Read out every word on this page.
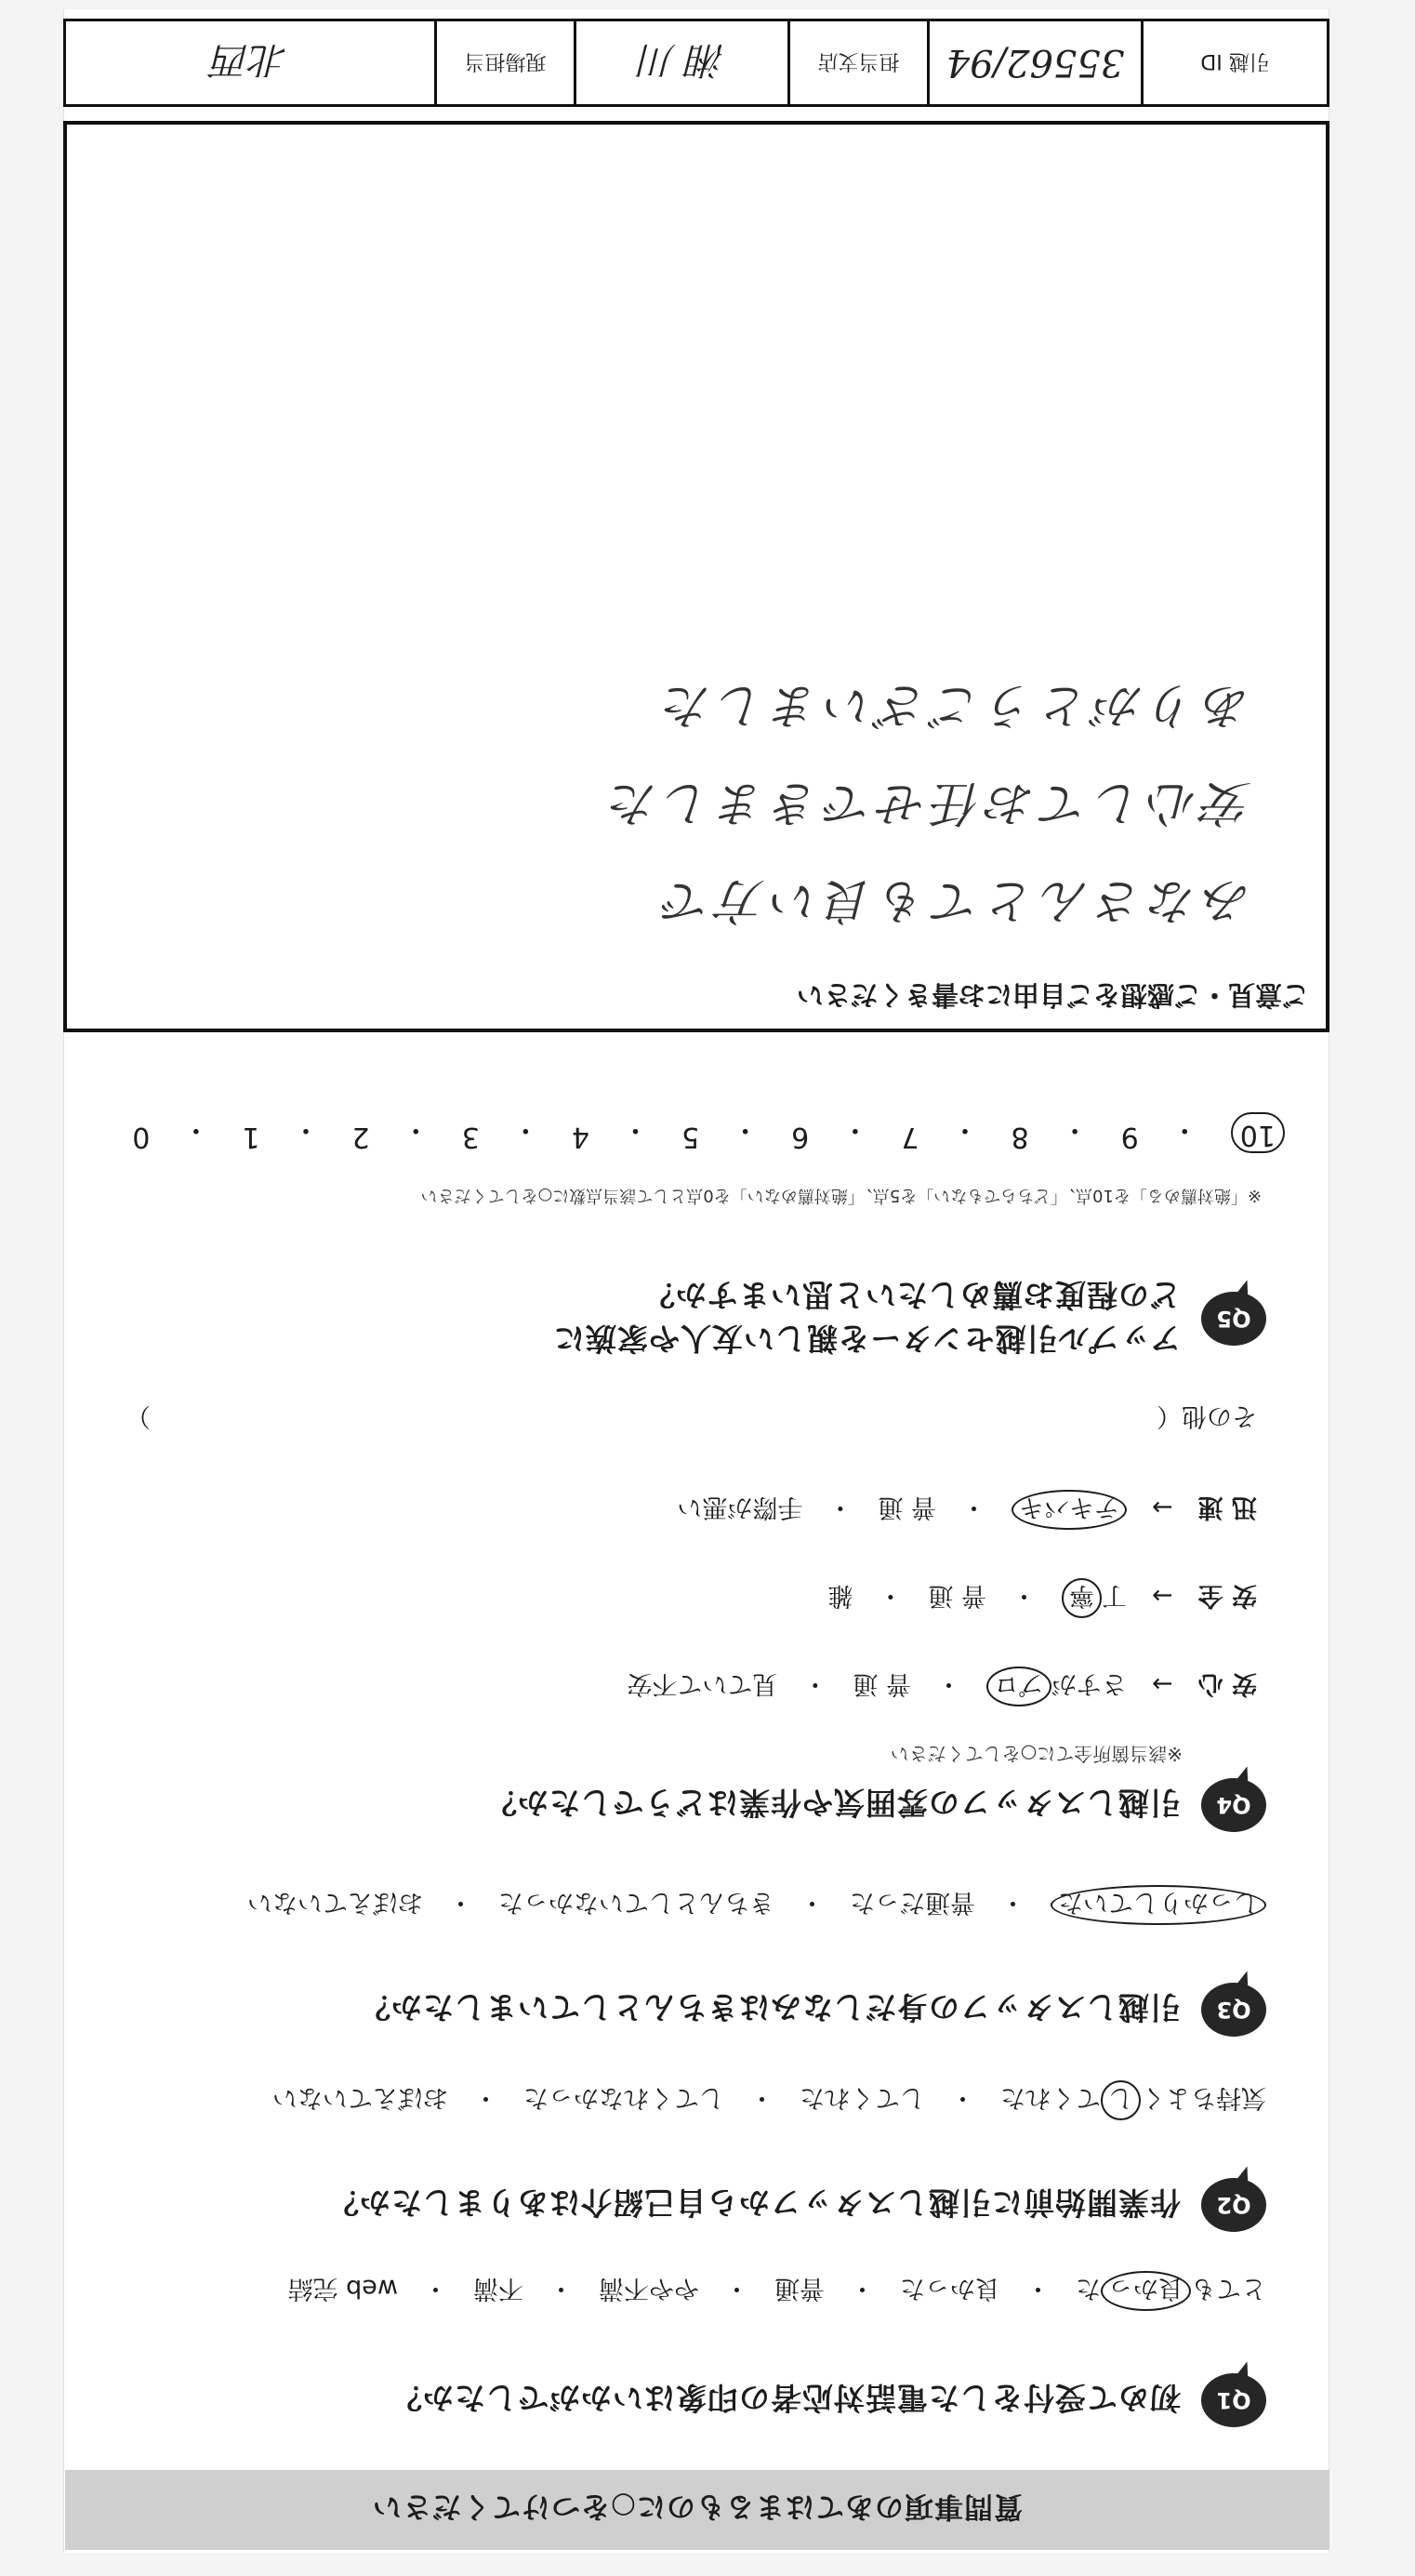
質問事項のあてはまるものに○をつけてください
Q1
初めて受付をした電話対応者の印象はいかがでしたか？
とても良かった　・　良かった　・　普通　・　やや不満　・　不満　・　web 完結
Q2
作業開始前に引越しスタッフから自己紹介はありましたか？
気持ちよくしてくれた　・　してくれた　・　してくれなかった　・　おぼえていない
Q3
引越しスタッフの身だしなみはきちんとしていましたか？
しっかりしていた　・　普通だった　・　きちんとしていなかった　・　おぼえていない
Q4
引越しスタッフの雰囲気や作業はどうでしたか？
※該当箇所全てに○をしてください
安 心　→　さすがプロ　・　普 通　・　見ていて不安
安 全　→　丁寧　・　普 通　・　雑
迅 速　→　テキパキ　・　普 通　・　手際が悪い
その他（
）
Q5
アップル引越センターを親しい友人や家族に
どの程度お薦めしたいと思いますか？
※「絶対薦める」を10点、「どちらでもない」を5点、「絶対薦めない」を0点として該当点数に○をしてください
10
・
9
・
8
・
7
・
6
・
5
・
4
・
3
・
2
・
1
・
0
ご意見・ご感想をご自由にお書きください
みなさんとても良い方で
安心してお任せできました
ありがとうございました
引越 ID
35562/94
担当支店
湘 川
現場担当
北西
